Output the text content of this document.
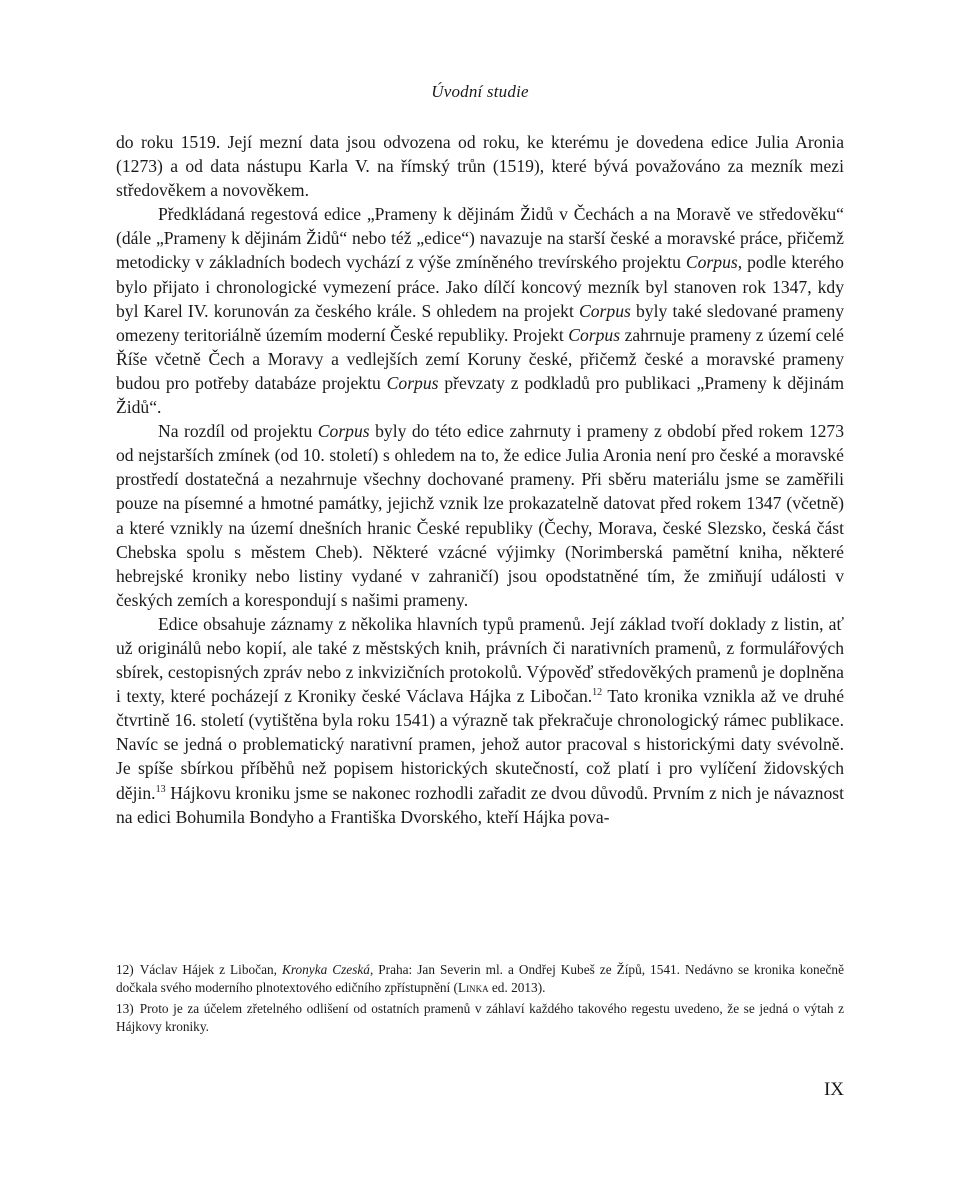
Úvodní studie

do roku 1519. Její mezní data jsou odvozena od roku, ke kterému je dovedena edice Julia Aronia (1273) a od data nástupu Karla V. na římský trůn (1519), které bývá považováno za mezník mezi středověkem a novověkem.

Předkládaná regestová edice „Prameny k dějinám Židů v Čechách a na Moravě ve středověku“ (dále „Prameny k dějinám Židů“ nebo též „edice“) navazuje na starší české a moravské práce, přičemž metodicky v základních bodech vychází z výše zmíněného trevírského projektu Corpus, podle kterého bylo přijato i chronologické vymezení práce. Jako dílčí koncový mezník byl stanoven rok 1347, kdy byl Karel IV. korunován za českého krále. S ohledem na projekt Corpus byly také sledované prameny omezeny teritoriálně územím moderní České republiky. Projekt Corpus zahrnuje prameny z území celé Říše včetně Čech a Moravy a vedlejších zemí Koruny české, přičemž české a moravské prameny budou pro potřeby databáze projektu Corpus převzaty z podkladů pro publikaci „Prameny k dějinám Židů“.

Na rozdíl od projektu Corpus byly do této edice zahrnuty i prameny z období před rokem 1273 od nejstarších zmínek (od 10. století) s ohledem na to, že edice Julia Aronia není pro české a moravské prostředí dostatečná a nezahrnuje všechny dochované prameny. Při sběru materiálu jsme se zaměřili pouze na písemné a hmotné památky, jejichž vznik lze prokazatelně datovat před rokem 1347 (včetně) a které vznikly na území dnešních hranic České republiky (Čechy, Morava, české Slezsko, česká část Chebska spolu s městem Cheb). Některé vzácné výjimky (Norimberská pamětní kniha, některé hebrejské kroniky nebo listiny vydané v zahraničí) jsou opodstatněné tím, že zmiňují události v českých zemích a korespondují s našimi prameny.

Edice obsahuje záznamy z několika hlavních typů pramenů. Její základ tvoří doklady z listin, ať už originálů nebo kopií, ale také z městských knih, právních či narativních pramenů, z formulářových sbírek, cestopisných zpráv nebo z inkvizičních protokolů. Výpověď středověkých pramenů je doplněna i texty, které pocházejí z Kroniky české Václava Hájka z Libočan.$^{12}$ Tato kronika vznikla až ve druhé čtvrtině 16. století (vytištěna byla roku 1541) a výrazně tak překračuje chronologický rámec publikace. Navíc se jedná o problematický narativní pramen, jehož autor pracoval s historickými daty svévolně. Je spíše sbírkou příběhů než popisem historických skutečností, což platí i pro vylíčení židovských dějin.$^{13}$ Hájkovu kroniku jsme se nakonec rozhodli zařadit ze dvou důvodů. Prvním z nich je návaznost na edici Bohumila Bondyho a Františka Dvorského, kteří Hájka pova-

12) Václav Hájek z Libočan, Kronyka Czeská, Praha: Jan Severin ml. a Ondřej Kubeš ze Žípů, 1541. Nedávno se kronika konečně dočkala svého moderního plnotextového edičního zpřístupnění (Linka ed. 2013).

13) Proto je za účelem zřetelného odlišení od ostatních pramenů v záhlaví každého takového regestu uvedeno, že se jedná o výtah z Hájkovy kroniky.

IX
